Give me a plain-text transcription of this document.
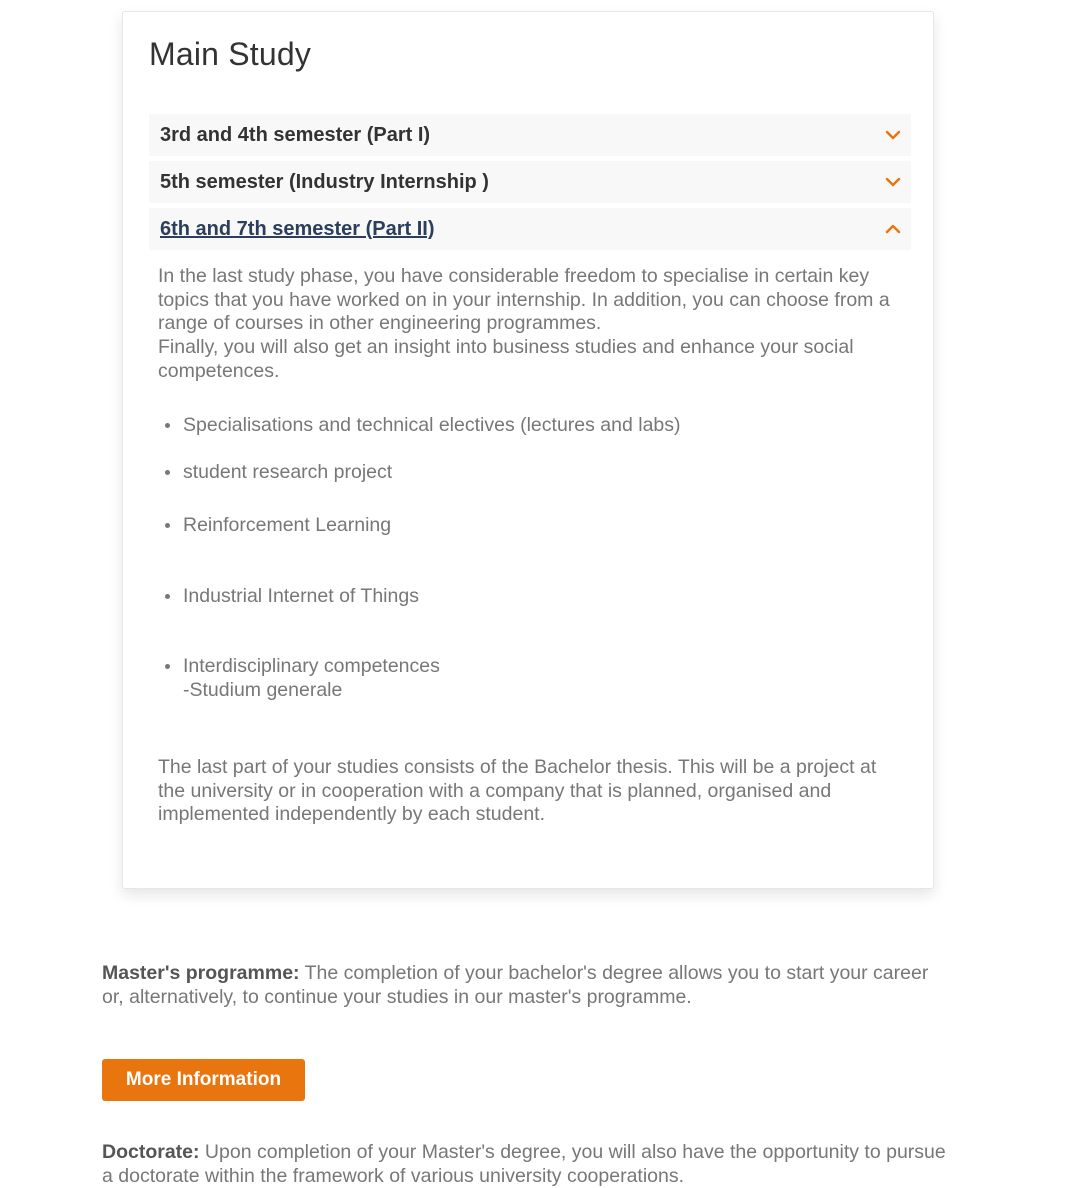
Main Study
3rd and 4th semester (Part I)
5th semester (Industry Internship )
6th and 7th semester (Part II)

In the last study phase, you have considerable freedom to specialise in certain key topics that you have worked on in your internship. In addition, you can choose from a range of courses in other engineering programmes.

Finally, you will also get an insight into business studies and enhance your social competences.

Specialisations and technical electives (lectures and labs)
student research project
Reinforcement Learning
Industrial Internet of Things
Interdisciplinary competences
-Studium generale

The last part of your studies consists of the Bachelor thesis. This will be a project at the university or in cooperation with a company that is planned, organised and implemented independently by each student.

Master's programme: The completion of your bachelor's degree allows you to start your career or, alternatively, to continue your studies in our master's programme.

More Information

Doctorate: Upon completion of your Master's degree, you will also have the opportunity to pursue a doctorate within the framework of various university cooperations.
